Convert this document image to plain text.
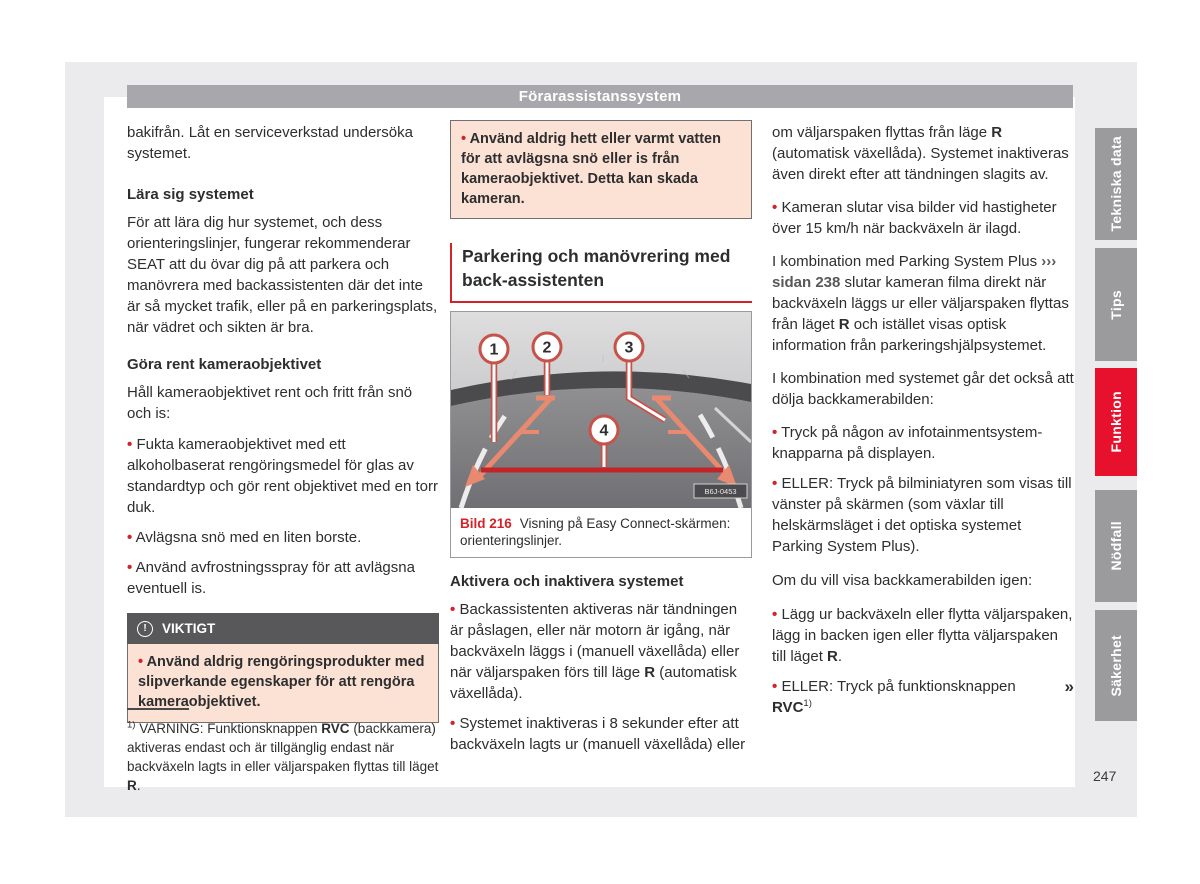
Förarassistanssystem

bakifrån. Låt en serviceverkstad undersöka systemet.

Lära sig systemet

För att lära dig hur systemet, och dess orienteringslinjer, fungerar rekommenderar SEAT att du övar dig på att parkera och manövrera med backassistenten där det inte är så mycket trafik, eller på en parkeringsplats, när vädret och sikten är bra.

Göra rent kameraobjektivet

Håll kameraobjektivet rent och fritt från snö och is:

• Fukta kameraobjektivet med ett alkoholbaserat rengöringsmedel för glas av standardtyp och gör rent objektivet med en torr duk.

• Avlägsna snö med en liten borste.

• Använd avfrostningsspray för att avlägsna eventuell is.

!	VIKTIGT
• Använd aldrig rengöringsprodukter med slipverkande egenskaper för att rengöra kameraobjektivet.
$^{1)}$ VARNING: Funktionsknappen RVC (backkamera) aktiveras endast och är tillgänglig endast när backväxeln lagts in eller väljarspaken flyttas till läget R.
• Använd aldrig hett eller varmt vatten för att avlägsna snö eller is från kameraobjektivet. Detta kan skada kameran.
Parkering och manövrering med back-assistenten
1	2	3
4
B6J-0453
Bild 216 Visning på Easy Connect-skärmen: orienteringslinjer.
Aktivera och inaktivera systemet

• Backassistenten aktiveras när tändningen är påslagen, eller när motorn är igång, när backväxeln läggs i (manuell växellåda) eller när väljarspaken förs till läge R (automatisk växellåda).

• Systemet inaktiveras i 8 sekunder efter att backväxeln lagts ur (manuell växellåda) eller

om väljarspaken flyttas från läge R (automatisk växellåda). Systemet inaktiveras även direkt efter att tändningen slagits av.

• Kameran slutar visa bilder vid hastigheter över 15 km/h när backväxeln är ilagd.

I kombination med Parking System Plus ››› sidan 238 slutar kameran filma direkt när backväxeln läggs ur eller väljarspaken flyttas från läget R och istället visas optisk information från parkeringshjälpsystemet.

I kombination med systemet går det också att dölja backkamerabilden:

• Tryck på någon av infotainmentsystem-knapparna på displayen.

• ELLER: Tryck på bilminiatyren som visas till vänster på skärmen (som växlar till helskärmsläget i det optiska systemet Parking System Plus).

Om du vill visa backkamerabilden igen:

• Lägg ur backväxeln eller flytta väljarspaken, lägg in backen igen eller flytta väljarspaken till läget R.

• ELLER: Tryck på funktionsknappen RVC$^{1)}$

»
Tekniska data
Tips
Funktion
Nödfall
Säkerhet
247
